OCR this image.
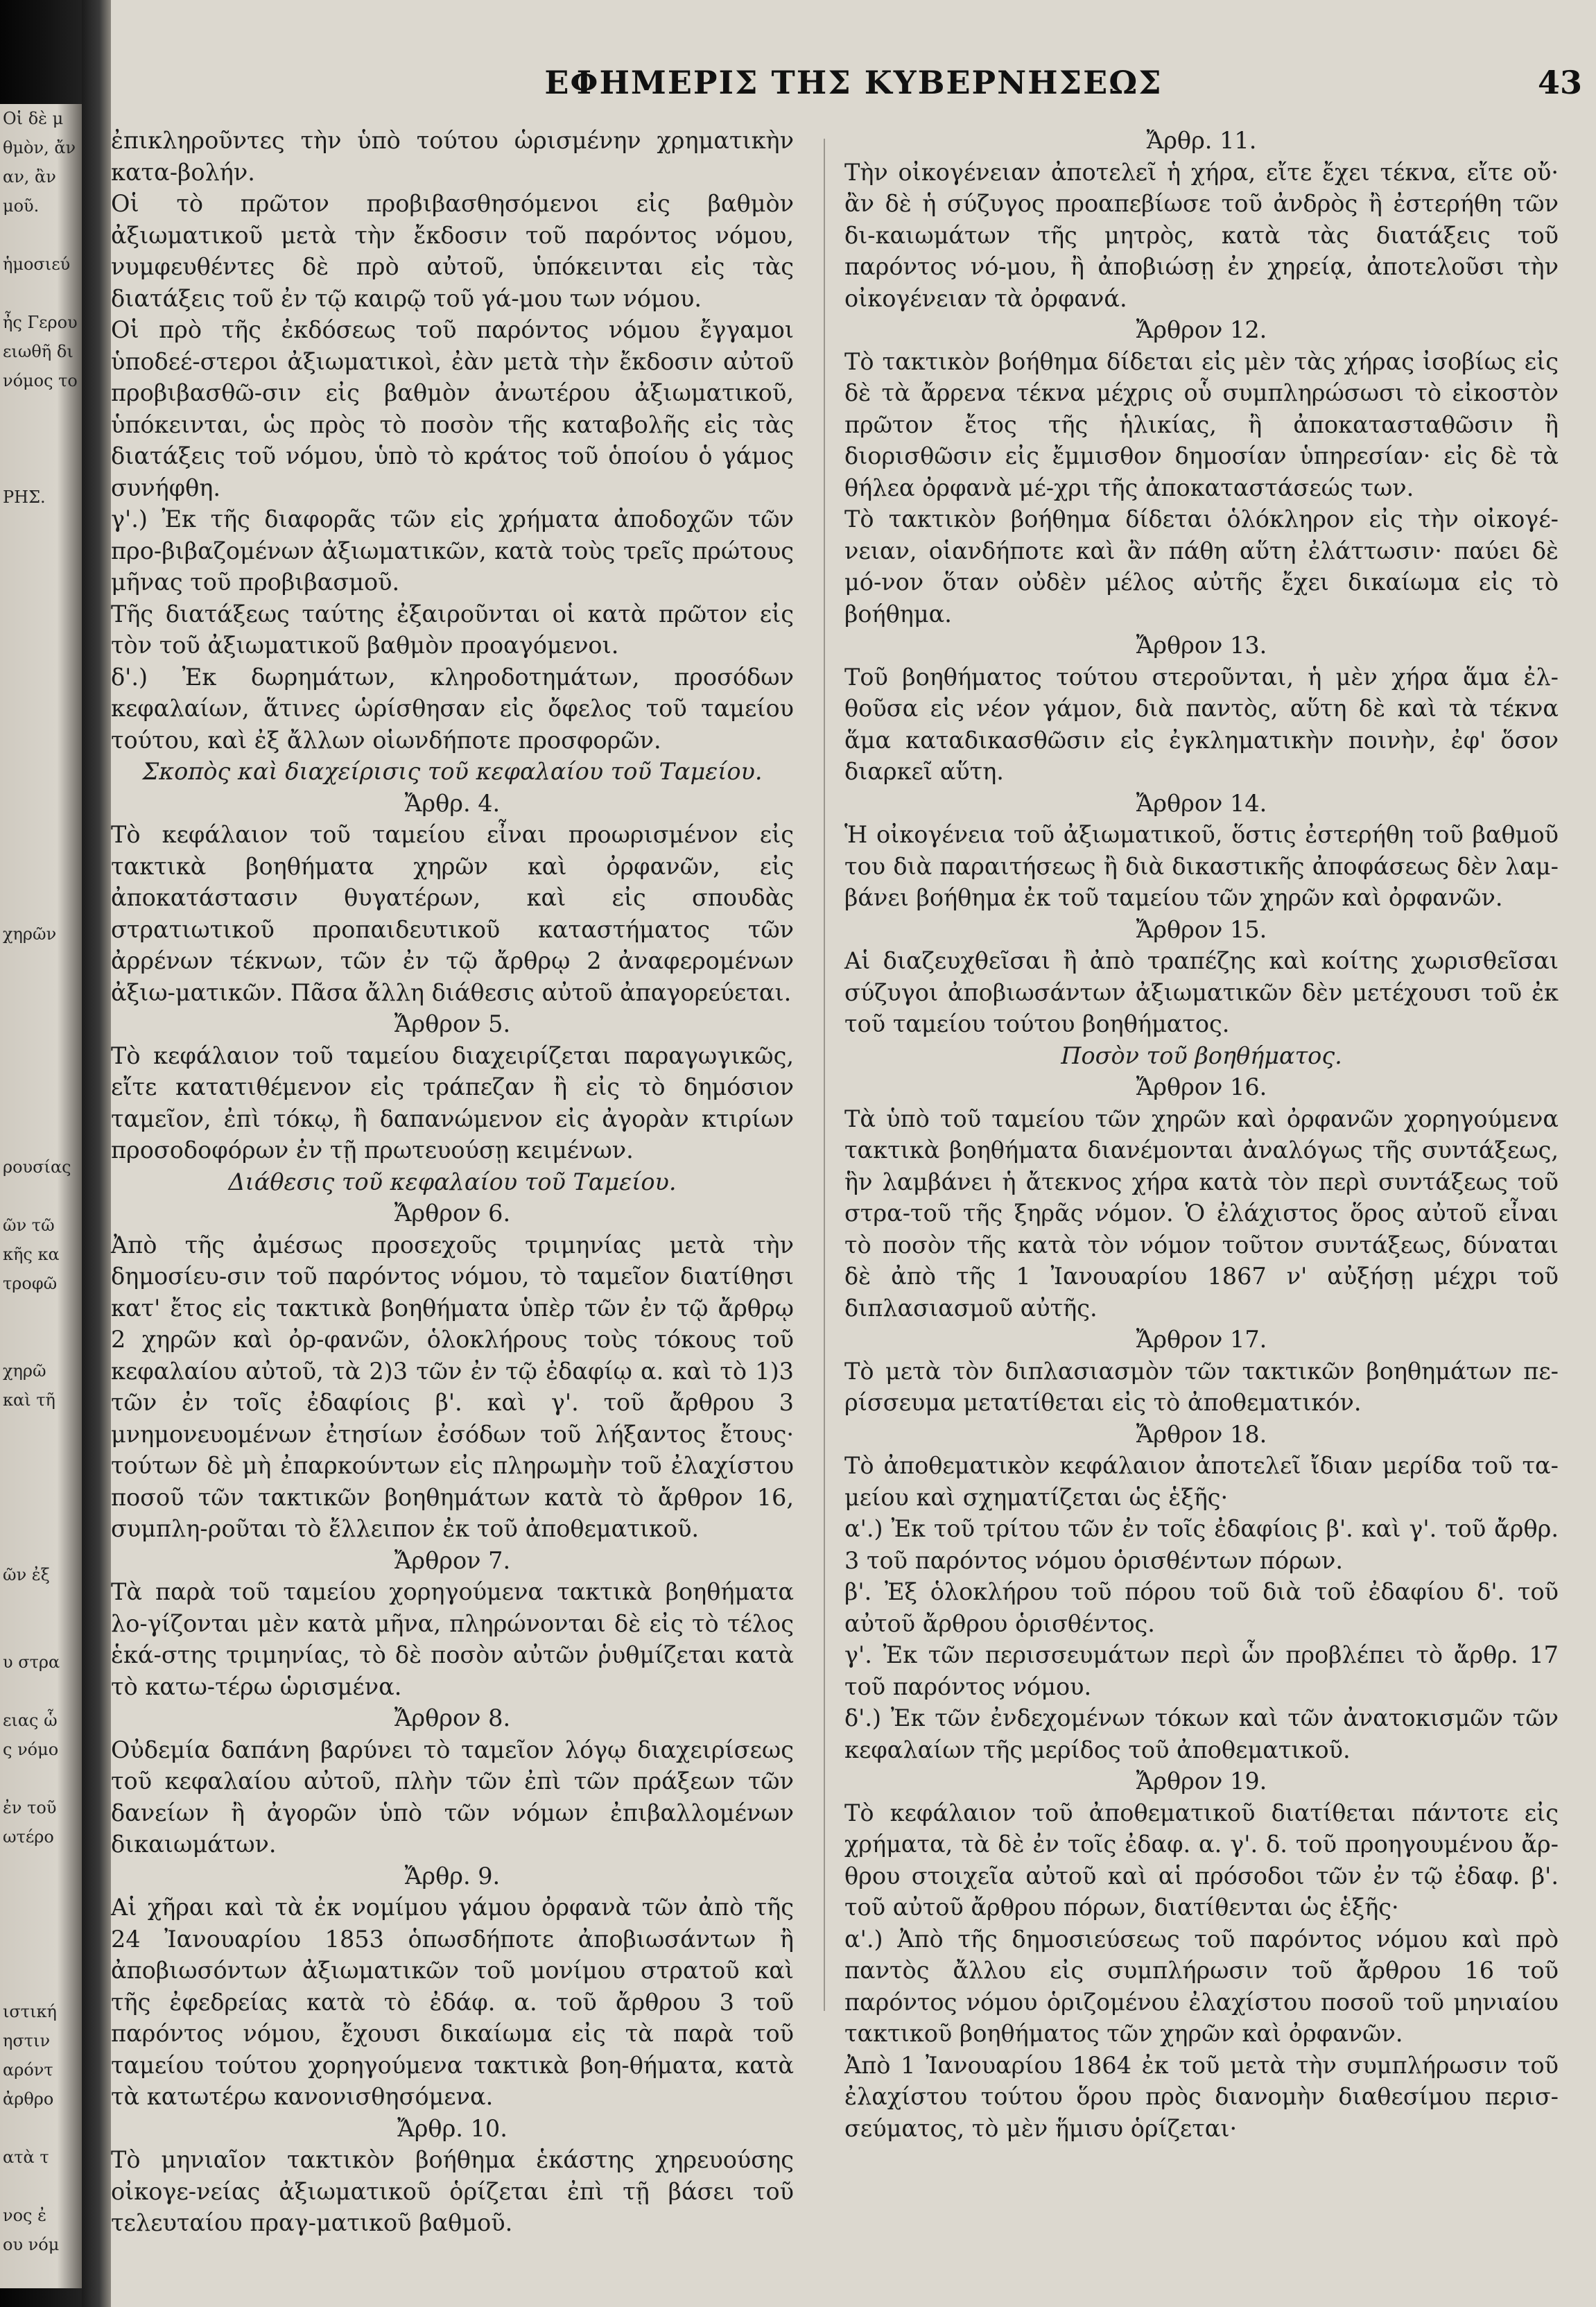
Οἱ δὲ μ
θμὸν, ἄν
αν, ἂν
μοῦ.

ἡμοσιεύ

ἦς Γερου
ειωθῆ δι
νόμος το

ΡΗΣ.

χηρῶν

ρουσίας

ῶν τῶ
κῆς κα
τροφῶ

χηρῶ
καὶ τῆ

ῶν ἐξ

υ στρα

ειας ὧ
ς νόμο

ἐν τοῦ
ωτέρο

ιστική
ηστιν
αρόντ
ἀρθρο

ατὰ τ

νος ἐ
ου νόμ
ΕΦΗΜΕΡΙΣ ΤΗΣ ΚΥΒΕΡΝΗΣΕΩΣ	43
ἐπικληροῦντες τὴν ὑπὸ τούτου ὡρισμένην χρηματικὴν κατα-βολήν.
Οἱ τὸ πρῶτον προβιβασθησόμενοι εἰς βαθμὸν ἀξιωματικοῦ μετὰ τὴν ἔκδοσιν τοῦ παρόντος νόμου, νυμφευθέντες δὲ πρὸ αὐτοῦ, ὑπόκεινται εἰς τὰς διατάξεις τοῦ ἐν τῷ καιρῷ τοῦ γά-μου των νόμου.
Οἱ πρὸ τῆς ἐκδόσεως τοῦ παρόντος νόμου ἔγγαμοι ὑποδεέ-στεροι ἀξιωματικοὶ, ἐὰν μετὰ τὴν ἔκδοσιν αὐτοῦ προβιβασθῶ-σιν εἰς βαθμὸν ἀνωτέρου ἀξιωματικοῦ, ὑπόκεινται, ὡς πρὸς τὸ ποσὸν τῆς καταβολῆς εἰς τὰς διατάξεις τοῦ νόμου, ὑπὸ τὸ κράτος τοῦ ὁποίου ὁ γάμος συνήφθη.
γ'.) Ἐκ τῆς διαφορᾶς τῶν εἰς χρήματα ἀποδοχῶν τῶν προ-βιβαζομένων ἀξιωματικῶν, κατὰ τοὺς τρεῖς πρώτους μῆνας τοῦ προβιβασμοῦ.
Τῆς διατάξεως ταύτης ἐξαιροῦνται οἱ κατὰ πρῶτον εἰς τὸν τοῦ ἀξιωματικοῦ βαθμὸν προαγόμενοι.
δ'.) Ἐκ δωρημάτων, κληροδοτημάτων, προσόδων κεφαλαίων, ἅτινες ὡρίσθησαν εἰς ὄφελος τοῦ ταμείου τούτου, καὶ ἐξ ἄλλων οἱωνδήποτε προσφορῶν.
Σκοπὸς καὶ διαχείρισις τοῦ κεφαλαίου τοῦ Ταμείου.
Ἄρθρ. 4.
Τὸ κεφάλαιον τοῦ ταμείου εἶναι προωρισμένον εἰς τακτικὰ βοηθήματα χηρῶν καὶ ὀρφανῶν, εἰς ἀποκατάστασιν θυγατέρων, καὶ εἰς σπουδὰς στρατιωτικοῦ προπαιδευτικοῦ καταστήματος τῶν ἀρρένων τέκνων, τῶν ἐν τῷ ἄρθρῳ 2 ἀναφερομένων ἀξιω-ματικῶν. Πᾶσα ἄλλη διάθεσις αὐτοῦ ἀπαγορεύεται.
Ἄρθρον 5.
Τὸ κεφάλαιον τοῦ ταμείου διαχειρίζεται παραγωγικῶς, εἴτε κατατιθέμενον εἰς τράπεζαν ἢ εἰς τὸ δημόσιον ταμεῖον, ἐπὶ τόκῳ, ἢ δαπανώμενον εἰς ἀγορὰν κτιρίων προσοδοφόρων ἐν τῇ πρωτευούσῃ κειμένων.
Διάθεσις τοῦ κεφαλαίου τοῦ Ταμείου.
Ἄρθρον 6.
Ἀπὸ τῆς ἀμέσως προσεχοῦς τριμηνίας μετὰ τὴν δημοσίευ-σιν τοῦ παρόντος νόμου, τὸ ταμεῖον διατίθησι κατ' ἔτος εἰς τακτικὰ βοηθήματα ὑπὲρ τῶν ἐν τῷ ἄρθρῳ 2 χηρῶν καὶ ὀρ-φανῶν, ὁλοκλήρους τοὺς τόκους τοῦ κεφαλαίου αὐτοῦ, τὰ 2)3 τῶν ἐν τῷ ἐδαφίῳ α. καὶ τὸ 1)3 τῶν ἐν τοῖς ἐδαφίοις β'. καὶ γ'. τοῦ ἄρθρου 3 μνημονευομένων ἐτησίων ἐσόδων τοῦ λήξαντος ἔτους· τούτων δὲ μὴ ἐπαρκούντων εἰς πληρωμὴν τοῦ ἐλαχίστου ποσοῦ τῶν τακτικῶν βοηθημάτων κατὰ τὸ ἄρθρον 16, συμπλη-ροῦται τὸ ἔλλειπον ἐκ τοῦ ἀποθεματικοῦ.
Ἄρθρον 7.
Τὰ παρὰ τοῦ ταμείου χορηγούμενα τακτικὰ βοηθήματα λο-γίζονται μὲν κατὰ μῆνα, πληρώνονται δὲ εἰς τὸ τέλος ἑκά-στης τριμηνίας, τὸ δὲ ποσὸν αὐτῶν ῥυθμίζεται κατὰ τὸ κατω-τέρω ὡρισμένα.
Ἄρθρον 8.
Οὐδεμία δαπάνη βαρύνει τὸ ταμεῖον λόγῳ διαχειρίσεως τοῦ κεφαλαίου αὐτοῦ, πλὴν τῶν ἐπὶ τῶν πράξεων τῶν δανείων ἢ ἀγορῶν ὑπὸ τῶν νόμων ἐπιβαλλομένων δικαιωμάτων.
Ἄρθρ. 9.
Αἱ χῆραι καὶ τὰ ἐκ νομίμου γάμου ὀρφανὰ τῶν ἀπὸ τῆς 24 Ἰανουαρίου 1853 ὁπωσδήποτε ἀποβιωσάντων ἢ ἀποβιωσόντων ἀξιωματικῶν τοῦ μονίμου στρατοῦ καὶ τῆς ἐφεδρείας κατὰ τὸ ἐδάφ. α. τοῦ ἄρθρου 3 τοῦ παρόντος νόμου, ἔχουσι δικαίωμα εἰς τὰ παρὰ τοῦ ταμείου τούτου χορηγούμενα τακτικὰ βοη-θήματα, κατὰ τὰ κατωτέρω κανονισθησόμενα.
Ἄρθρ. 10.
Τὸ μηνιαῖον τακτικὸν βοήθημα ἑκάστης χηρευούσης οἰκογε-νείας ἀξιωματικοῦ ὁρίζεται ἐπὶ τῇ βάσει τοῦ τελευταίου πραγ-ματικοῦ βαθμοῦ.
Ἄρθρ. 11.
Τὴν οἰκογένειαν ἀποτελεῖ ἡ χήρα, εἴτε ἔχει τέκνα, εἴτε οὔ· ἂν δὲ ἡ σύζυγος προαπεβίωσε τοῦ ἀνδρὸς ἢ ἐστερήθη τῶν δι-καιωμάτων τῆς μητρὸς, κατὰ τὰς διατάξεις τοῦ παρόντος νό-μου, ἢ ἀποβιώσῃ ἐν χηρείᾳ, ἀποτελοῦσι τὴν οἰκογένειαν τὰ ὀρφανά.
Ἄρθρον 12.
Τὸ τακτικὸν βοήθημα δίδεται εἰς μὲν τὰς χήρας ἰσοβίως εἰς δὲ τὰ ἄρρενα τέκνα μέχρις οὗ συμπληρώσωσι τὸ εἰκοστὸν πρῶτον ἔτος τῆς ἡλικίας, ἢ ἀποκατασταθῶσιν ἢ διορισθῶσιν εἰς ἔμμισθον δημοσίαν ὑπηρεσίαν· εἰς δὲ τὰ θήλεα ὀρφανὰ μέ-χρι τῆς ἀποκαταστάσεώς των.
Τὸ τακτικὸν βοήθημα δίδεται ὁλόκληρον εἰς τὴν οἰκογέ-νειαν, οἱανδήποτε καὶ ἂν πάθη αὕτη ἐλάττωσιν· παύει δὲ μό-νον ὅταν οὐδὲν μέλος αὐτῆς ἔχει δικαίωμα εἰς τὸ βοήθημα.
Ἄρθρον 13.
Τοῦ βοηθήματος τούτου στεροῦνται, ἡ μὲν χήρα ἅμα ἐλ-θοῦσα εἰς νέον γάμον, διὰ παντὸς, αὕτη δὲ καὶ τὰ τέκνα ἅμα καταδικασθῶσιν εἰς ἐγκληματικὴν ποινὴν, ἐφ' ὅσον διαρκεῖ αὕτη.
Ἄρθρον 14.
Ἡ οἰκογένεια τοῦ ἀξιωματικοῦ, ὅστις ἐστερήθη τοῦ βαθμοῦ του διὰ παραιτήσεως ἢ διὰ δικαστικῆς ἀποφάσεως δὲν λαμ-βάνει βοήθημα ἐκ τοῦ ταμείου τῶν χηρῶν καὶ ὀρφανῶν.
Ἄρθρον 15.
Αἱ διαζευχθεῖσαι ἢ ἀπὸ τραπέζης καὶ κοίτης χωρισθεῖσαι σύζυγοι ἀποβιωσάντων ἀξιωματικῶν δὲν μετέχουσι τοῦ ἐκ τοῦ ταμείου τούτου βοηθήματος.
Ποσὸν τοῦ βοηθήματος.
Ἄρθρον 16.
Τὰ ὑπὸ τοῦ ταμείου τῶν χηρῶν καὶ ὀρφανῶν χορηγούμενα τακτικὰ βοηθήματα διανέμονται ἀναλόγως τῆς συντάξεως, ἣν λαμβάνει ἡ ἄτεκνος χήρα κατὰ τὸν περὶ συντάξεως τοῦ στρα-τοῦ τῆς ξηρᾶς νόμον. Ὁ ἐλάχιστος ὅρος αὐτοῦ εἶναι τὸ ποσὸν τῆς κατὰ τὸν νόμον τοῦτον συντάξεως, δύναται δὲ ἀπὸ τῆς 1 Ἰανουαρίου 1867 ν' αὐξήσῃ μέχρι τοῦ διπλασιασμοῦ αὐτῆς.
Ἄρθρον 17.
Τὸ μετὰ τὸν διπλασιασμὸν τῶν τακτικῶν βοηθημάτων πε-ρίσσευμα μετατίθεται εἰς τὸ ἀποθεματικόν.
Ἄρθρον 18.
Τὸ ἀποθεματικὸν κεφάλαιον ἀποτελεῖ ἴδιαν μερίδα τοῦ τα-μείου καὶ σχηματίζεται ὡς ἑξῆς·
α'.) Ἐκ τοῦ τρίτου τῶν ἐν τοῖς ἐδαφίοις β'. καὶ γ'. τοῦ ἄρθρ. 3 τοῦ παρόντος νόμου ὁρισθέντων πόρων.
β'. Ἐξ ὁλοκλήρου τοῦ πόρου τοῦ διὰ τοῦ ἐδαφίου δ'. τοῦ αὐτοῦ ἄρθρου ὁρισθέντος.
γ'. Ἐκ τῶν περισσευμάτων περὶ ὧν προβλέπει τὸ ἄρθρ. 17 τοῦ παρόντος νόμου.
δ'.) Ἐκ τῶν ἐνδεχομένων τόκων καὶ τῶν ἀνατοκισμῶν τῶν κεφαλαίων τῆς μερίδος τοῦ ἀποθεματικοῦ.
Ἄρθρον 19.
Τὸ κεφάλαιον τοῦ ἀποθεματικοῦ διατίθεται πάντοτε εἰς χρήματα, τὰ δὲ ἐν τοῖς ἐδαφ. α. γ'. δ. τοῦ προηγουμένου ἄρ-θρου στοιχεῖα αὐτοῦ καὶ αἱ πρόσοδοι τῶν ἐν τῷ ἐδαφ. β'. τοῦ αὐτοῦ ἄρθρου πόρων, διατίθενται ὡς ἑξῆς·
α'.) Ἀπὸ τῆς δημοσιεύσεως τοῦ παρόντος νόμου καὶ πρὸ παντὸς ἄλλου εἰς συμπλήρωσιν τοῦ ἄρθρου 16 τοῦ παρόντος νόμου ὁριζομένου ἐλαχίστου ποσοῦ τοῦ μηνιαίου τακτικοῦ βοηθήματος τῶν χηρῶν καὶ ὀρφανῶν.
Ἀπὸ 1 Ἰανουαρίου 1864 ἐκ τοῦ μετὰ τὴν συμπλήρωσιν τοῦ ἐλαχίστου τούτου ὅρου πρὸς διανομὴν διαθεσίμου περισ-σεύματος, τὸ μὲν ἥμισυ ὁρίζεται·
